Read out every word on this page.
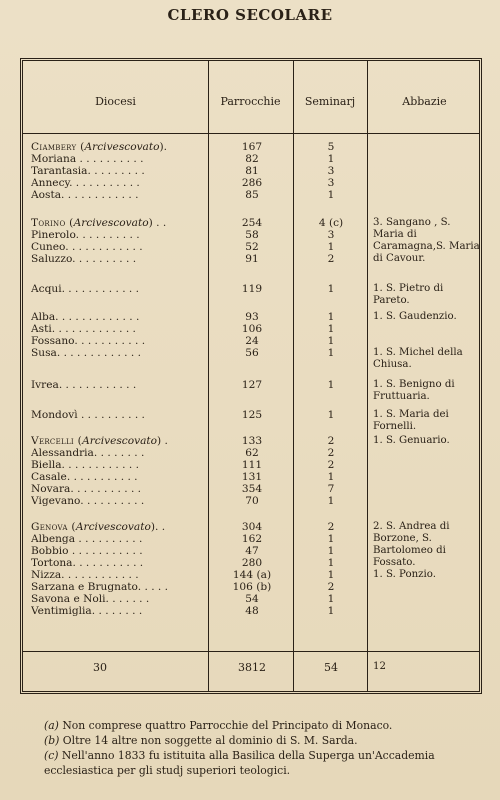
CLERO SECOLARE
Diocesi	Parrocchie	Seminarj	Abbazie
Ciambery (Arcivescovato).	167	5
Moriana . . . . . . . . . .	82	1
Tarantasia. . . . . . . . .	81	3
Annecy. . . . . . . . . . .	286	3
Aosta. . . . . . . . . . . .	85	1
Torino (Arcivescovato) . .	254	4 (c)	3. Sangano , S. Maria di Caramagna,S. Maria di Cavour.
Pinerolo. . . . . . . . . .	58	3
Cuneo. . . . . . . . . . . .	52	1
Saluzzo. . . . . . . . . .	91	2
Acqui. . . . . . . . . . . .	119	1	1. S. Pietro di Pareto.
Alba. . . . . . . . . . . . .	93	1	1. S. Gaudenzio.
Asti. . . . . . . . . . . . .	106	1
Fossano. . . . . . . . . . .	24	1
Susa. . . . . . . . . . . . .	56	1	1. S. Michel della Chiusa.
Ivrea. . . . . . . . . . . .	127	1	1. S. Benigno di Fruttuaria.
Mondovì . . . . . . . . . .	125	1	1. S. Maria dei Fornelli.
Vercelli (Arcivescovato) .	133	2	1. S. Genuario.
Alessandria. . . . . . . .	62	2
Biella. . . . . . . . . . . .	111	2
Casale. . . . . . . . . . .	131	1
Novara. . . . . . . . . . .	354	7
Vigevano. . . . . . . . . .	70	1
Genova (Arcivescovato). .	304	2	2. S. Andrea di Borzone, S. Bartolomeo di Fossato.
Albenga . . . . . . . . . .	162	1
Bobbio . . . . . . . . . . .	47	1
Tortona. . . . . . . . . . .	280	1
Nizza. . . . . . . . . . . .	144 (a)	1	1. S. Ponzio.
Sarzana e Brugnato. . . . .	106 (b)	2
Savona e Noli. . . . . . .	54	1
Ventimiglia. . . . . . . .	48	1
30	3812	54	12

(a) Non comprese quattro Parrocchie del Principato di Monaco.

(b) Oltre 14 altre non soggette al dominio di S. M. Sarda.

(c) Nell'anno 1833 fu istituita alla Basilica della Superga un'Accademia ecclesiastica per gli studj superiori teologici.
